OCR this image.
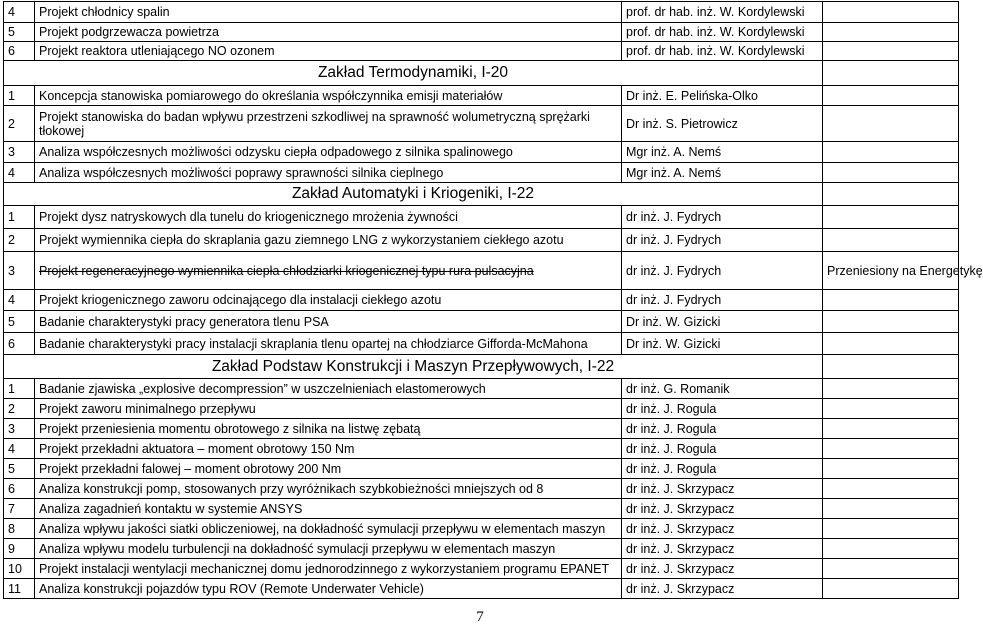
4	Projekt chłodnicy spalin	prof. dr hab. inż. W. Kordylewski	
5	Projekt podgrzewacza powietrza	prof. dr hab. inż. W. Kordylewski	
6	Projekt reaktora utleniającego NO ozonem	prof. dr hab. inż. W. Kordylewski	
Zakład Termodynamiki, I-20			
1	Koncepcja stanowiska pomiarowego do określania współczynnika emisji materiałów	Dr inż. E. Pelińska-Olko	
2	Projekt stanowiska do badan wpływu przestrzeni szkodliwej na sprawność wolumetryczną sprężarki tłokowej	Dr inż. S. Pietrowicz	
3	Analiza współczesnych możliwości odzysku ciepła odpadowego z silnika spalinowego	Mgr inż. A. Nemś	
4	Analiza współczesnych możliwości poprawy sprawności silnika cieplnego	Mgr inż. A. Nemś	
Zakład Automatyki i Kriogeniki, I-22			
1	Projekt dysz natryskowych dla tunelu do kriogenicznego mrożenia żywności	dr inż. J. Fydrych	
2	Projekt wymiennika ciepła do skraplania gazu ziemnego LNG z wykorzystaniem ciekłego azotu	dr inż. J. Fydrych	
3	Projekt regeneracyjnego wymiennika ciepła chłodziarki kriogenicznej typu rura pulsacyjna	dr inż. J. Fydrych	Przeniesiony na Energetykę
4	Projekt kriogenicznego zaworu odcinającego dla instalacji ciekłego azotu	dr inż. J. Fydrych	
5	Badanie charakterystyki pracy generatora tlenu PSA	Dr inż. W. Gizicki	
6	Badanie charakterystyki pracy instalacji skraplania tlenu opartej na chłodziarce Gifforda-McMahona	Dr inż. W. Gizicki	
Zakład Podstaw Konstrukcji i Maszyn Przepływowych, I-22			
1	Badanie zjawiska „explosive decompression” w uszczelnieniach elastomerowych	dr inż. G. Romanik	
2	Projekt zaworu minimalnego przepływu	dr inż. J. Rogula	
3	Projekt przeniesienia momentu obrotowego z silnika na listwę zębatą	dr inż. J. Rogula	
4	Projekt przekładni aktuatora – moment obrotowy 150 Nm	dr inż. J. Rogula	
5	Projekt przekładni falowej – moment obrotowy 200 Nm	dr inż. J. Rogula	
6	Analiza konstrukcji pomp, stosowanych przy wyróżnikach szybkobieżności mniejszych od 8	dr inż. J. Skrzypacz	
7	Analiza zagadnień kontaktu w systemie ANSYS	dr inż. J. Skrzypacz	
8	Analiza wpływu jakości siatki obliczeniowej, na dokładność symulacji przepływu w elementach maszyn	dr inż. J. Skrzypacz	
9	Analiza wpływu modelu turbulencji na dokładność symulacji przepływu w elementach maszyn	dr inż. J. Skrzypacz	
10	Projekt instalacji wentylacji mechanicznej domu jednorodzinnego z wykorzystaniem programu EPANET	dr inż. J. Skrzypacz	
11	Analiza konstrukcji pojazdów typu ROV (Remote Underwater Vehicle)	dr inż. J. Skrzypacz	
7
